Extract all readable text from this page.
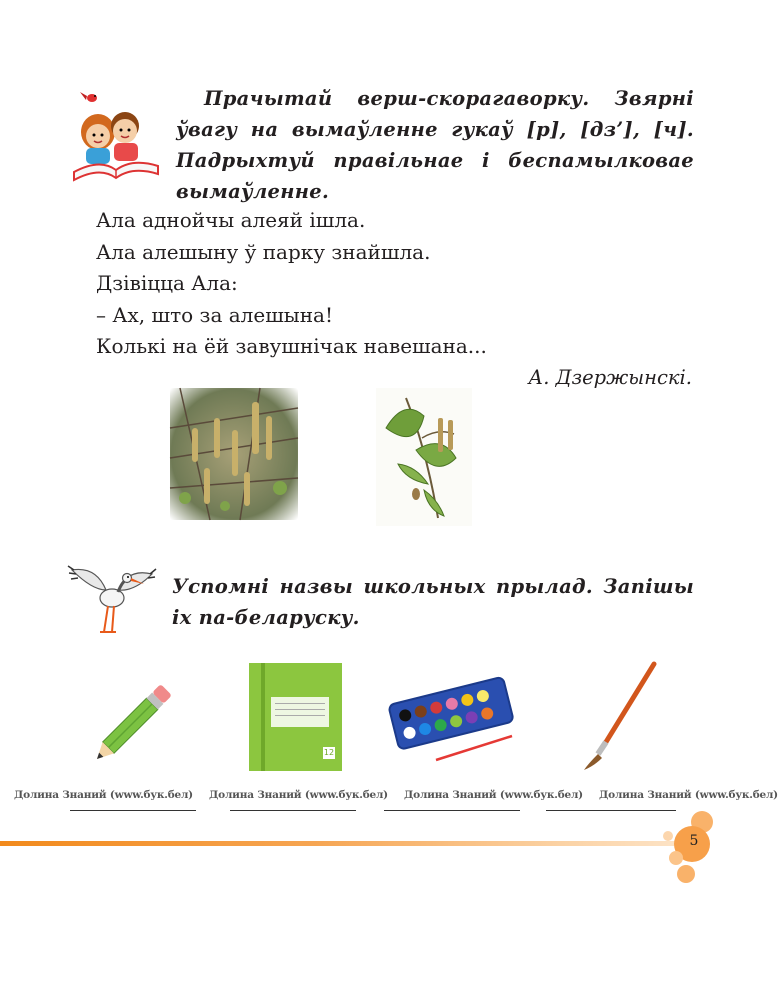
Прачытай верш-скорагаворку. Звярні
ўвагу на вымаўленне гукаў [р], [дз’], [ч]. Падрыхтуй правільнае і беспамылковае вымаўленне.
Ала аднойчы алеяй ішла.
Ала алешыну ў парку знайшла.
Дзівіцца Ала:
– Ах, што за алешына!
Колькі на ёй завушнічак навешана...
А. Дзержынскі.
Успомні назвы школьных прылад. Запішы іх па-беларуску.
12
Долина Знаний (www.бук.бел) Долина Знаний (www.бук.бел) Долина Знаний (www.бук.бел) Долина Знаний (www.бук.бел)
5
